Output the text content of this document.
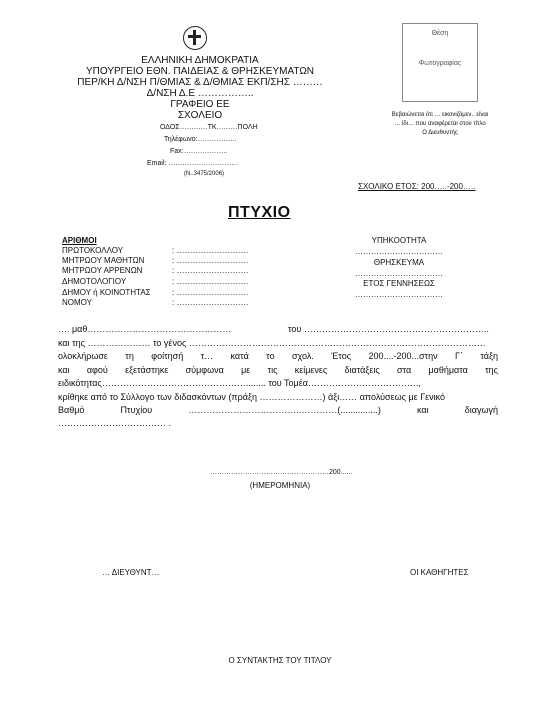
ΕΛΛΗΝΙΚΗ ΔΗΜΟΚΡΑΤΙΑ
ΥΠΟΥΡΓΕΙΟ ΕΘΝ. ΠΑΙΔΕΙΑΣ & ΘΡΗΣΚΕΥΜΑΤΩΝ
ΠΕΡ/ΚΗ Δ/ΝΣΗ Π/ΘΜΙΑΣ & Δ/ΘΜΙΑΣ ΕΚΠ/ΣΗΣ ………
Δ/ΝΣΗ Δ.Ε ……………..
ΓΡΑΦΕΙΟ ΕΕ
ΣΧΟΛΕΙΟ
ΟΔΟΣ…………ΤΚ………ΠΟΛΗ
Τηλέφωνο:……………..
Fax:……………….
Email: …………………………
(Ν..3475/2006)
Θέση
Φωτογραφίας
Βεβαιώνεται ότι … εικονιζόμεν.. είναι
… ίδι… που αναφέρεται στον τίτλο
Ο Διευθυντής
ΣΧΟΛΙΚΟ ΕΤΟΣ: 200…..-200…..
ΠΤΥΧΙΟ
ΑΡΙΘΜΟΙ
ΠΡΩΤΟΚΟΛΛΟΥ	: ………………………
ΜΗΤΡΩΟΥ ΜΑΘΗΤΩΝ	: ………………………
ΜΗΤΡΩΟΥ ΑΡΡΕΝΩΝ	: ………………………
ΔΗΜΟΤΟΛΟΓΙΟΥ	: ………………………
ΔΗΜΟΥ ή ΚΟΙΝΟΤΗΤΑΣ	: ………………………
ΝΟΜΟΥ	: ………………………
ΥΠΗΚΟΟΤΗΤΑ
……………………………
ΘΡΗΣΚΕΥΜΑ
……………………………
ΕΤΟΣ ΓΕΝΝΗΣΕΩΣ
……………………………
…. μαθ…………………………………………	του ……………………………………………………..
και της ………………… το γένος ………………………………………………………………………………………
ολοκλήρωσε τη φοίτησή τ… κατά το σχολ. Έτος 200....-200...στην Γ΄ τάξη
και αφού εξετάστηκε σύμφωνα με τις κείμενες διατάξεις στα μαθήματα της
ειδικότητας…………………………………………........ του Τομέα……………………………….,
κρίθηκε από το Σύλλογο των διδασκόντων (πράξη …………………) άξι…… απολύσεως με Γενικό
Βαθμό Πτυχίου ………………………………..…………(...............) και διαγωγή
……………………………… .
……………………………………………200......
(ΗΜΕΡΟΜΗΝΙΑ)
… ΔΙΕΥΘΥΝΤ…	ΟΙ ΚΑΘΗΓΗΤΕΣ
Ο ΣΥΝΤΑΚΤΗΣ ΤΟΥ ΤΙΤΛΟΥ
